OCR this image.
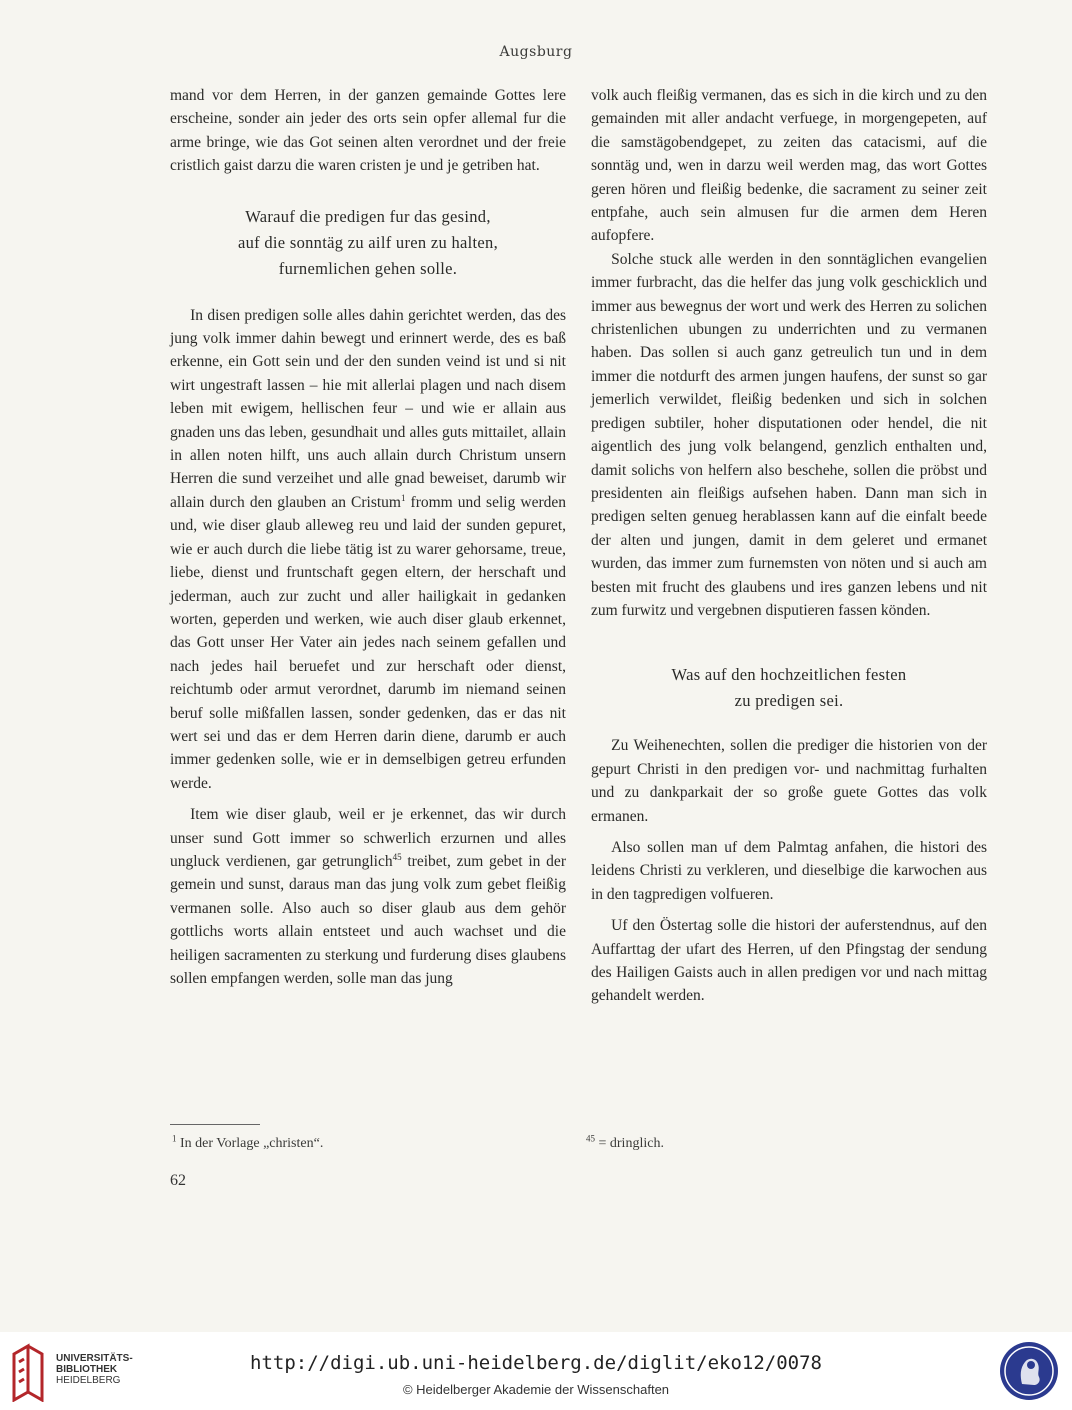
Augsburg

mand vor dem Herren, in der ganzen gemainde Gottes lere erscheine, sonder ain jeder des orts sein opfer allemal fur die arme bringe, wie das Got seinen alten verordnet und der freie cristlich gaist darzu die waren cristen je und je getriben hat.

Warauf die predigen fur das gesind,
auf die sonntäg zu ailf uren zu halten,
furnemlichen gehen solle.

In disen predigen solle alles dahin gerichtet werden, das des jung volk immer dahin bewegt und erinnert werde, des es baß erkenne, ein Gott sein und der den sunden veind ist und si nit wirt ungestraft lassen – hie mit allerlai plagen und nach disem leben mit ewigem, hellischen feur – und wie er allain aus gnaden uns das leben, gesundhait und alles guts mittailet, allain in allen noten hilft, uns auch allain durch Christum unsern Herren die sund verzeihet und alle gnad beweiset, darumb wir allain durch den glauben an Cristum$^1$ fromm und selig werden und, wie diser glaub alleweg reu und laid der sunden gepuret, wie er auch durch die liebe tätig ist zu warer gehorsame, treue, liebe, dienst und fruntschaft gegen eltern, der herschaft und jederman, auch zur zucht und aller hailigkait in gedanken worten, geperden und werken, wie auch diser glaub erkennet, das Gott unser Her Vater ain jedes nach seinem gefallen und nach jedes hail beruefet und zur herschaft oder dienst, reichtumb oder armut verordnet, darumb im niemand seinen beruf solle mißfallen lassen, sonder gedenken, das er das nit wert sei und das er dem Herren darin diene, darumb er auch immer gedenken solle, wie er in demselbigen getreu erfunden werde.

Item wie diser glaub, weil er je erkennet, das wir durch unser sund Gott immer so schwerlich erzurnen und alles ungluck verdienen, gar getrunglich$^{45}$ treibet, zum gebet in der gemein und sunst, daraus man das jung volk zum gebet fleißig vermanen solle. Also auch so diser glaub aus dem gehör gottlichs worts allain entsteet und auch wachset und die heiligen sacramenten zu sterkung und furderung dises glaubens sollen empfangen werden, solle man das jung

volk auch fleißig vermanen, das es sich in die kirch und zu den gemainden mit aller andacht verfuege, in morgengepeten, auf die samstägobendgepet, zu zeiten das catacismi, auf die sonntäg und, wen in darzu weil werden mag, das wort Gottes geren hören und fleißig bedenke, die sacrament zu seiner zeit entpfahe, auch sein almusen fur die armen dem Heren aufopfere.

Solche stuck alle werden in den sonntäglichen evangelien immer furbracht, das die helfer das jung volk geschicklich und immer aus bewegnus der wort und werk des Herren zu solichen christenlichen ubungen zu underrichten und zu vermanen haben. Das sollen si auch ganz getreulich tun und in dem immer die notdurft des armen jungen haufens, der sunst so gar jemerlich verwildet, fleißig bedenken und sich in solchen predigen subtiler, hoher disputationen oder hendel, die nit aigentlich des jung volk belangend, genzlich enthalten und, damit solichs von helfern also beschehe, sollen die pröbst und presidenten ain fleißigs aufsehen haben. Dann man sich in predigen selten genueg herablassen kann auf die einfalt beede der alten und jungen, damit in dem geleret und ermanet wurden, das immer zum furnemsten von nöten und si auch am besten mit frucht des glaubens und ires ganzen lebens und nit zum furwitz und vergebnen disputieren fassen könden.

Was auf den hochzeitlichen festen
zu predigen sei.

Zu Weihenechten, sollen die prediger die historien von der gepurt Christi in den predigen vor- und nachmittag furhalten und zu dankparkait der so große guete Gottes das volk ermanen.

Also sollen man uf dem Palmtag anfahen, die histori des leidens Christi zu verkleren, und dieselbige die karwochen aus in den tagpredigen volfueren.

Uf den Östertag solle die histori der auferstendnus, auf den Auffarttag der ufart des Herren, uf den Pfingstag der sendung des Hailigen Gaists auch in allen predigen vor und nach mittag gehandelt werden.

$^1$ In der Vorlage „christen“.	$^{45}$ = dringlich.
62
UNIVERSITÄTS-
BIBLIOTHEK
HEIDELBERG
http://digi.ub.uni-heidelberg.de/diglit/eko12/0078
© Heidelberger Akademie der Wissenschaften
